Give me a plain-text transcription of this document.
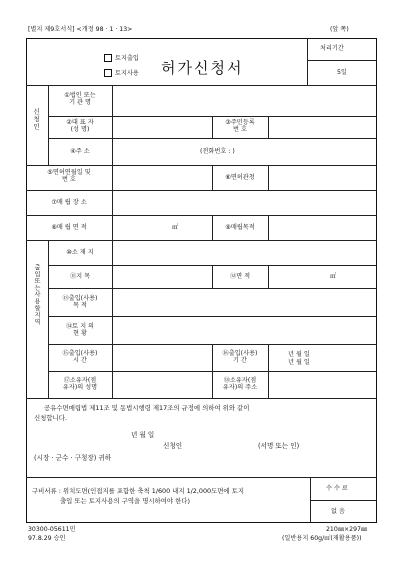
[별지 제9호서식] <개정 98 · 1 · 13>	(앞 쪽)
토지출입
토지사용 허가신청서
처리기간
5일
신청인
①법인 또는
기 관 명
②대 표 자
(성 명)
③주민등록
번 호
④주 소	(전화번호 : )
⑤면허연월일 및
번 호	⑥면허관청
⑦매 립 장 소
⑧매 립 면 적	㎡	⑨매립목적
출입또는사용할지역
⑩소 재 지
⑪지 목	⑫면 적	㎡
⑬출입(사용)
목 적
⑭토 지 의
현 황
⑮출입(사용)
시 간
⑯출입(사용)
기 간
년 월 일
년 월 일
⑰소유자(점
유자)의 성명
⑱소유자(점
유자)의 주소
공유수면매립법 제11조 및 동법시행령 제17조의 규정에 의하여 위와 같이
신청합니다.
년 월 일
신청인	(서명 또는 인)
(시장 · 군수 · 구청장) 귀하
구비서류 : 위치도면(인접지를 포함한 축척 1/600 내지 1/2,000도면에 토지
출입 또는 토지사용의 구역을 명시하여야 한다)
수 수 료
없 음
30300-05611민
97.8.29 승인
210㎜×297㎜
(일반용지 60g/㎡(재활용품))
